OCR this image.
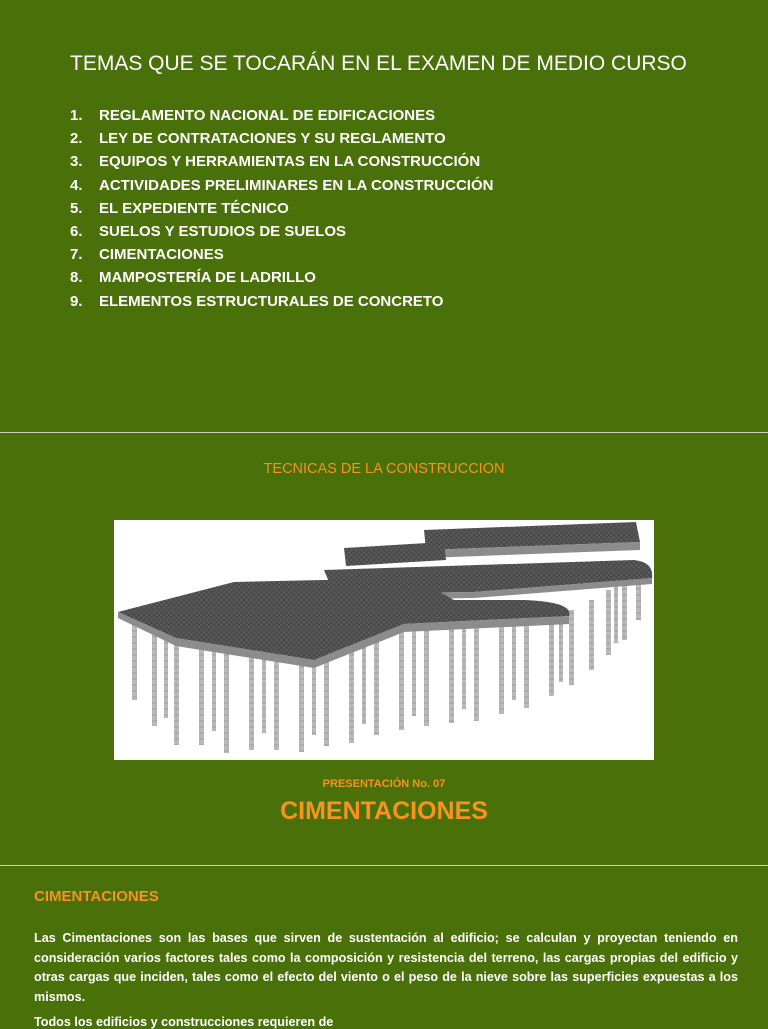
TEMAS QUE SE TOCARÁN EN EL EXAMEN DE MEDIO CURSO
1. REGLAMENTO NACIONAL DE EDIFICACIONES
2. LEY DE CONTRATACIONES Y SU REGLAMENTO
3. EQUIPOS Y HERRAMIENTAS EN LA CONSTRUCCIÓN
4. ACTIVIDADES PRELIMINARES EN LA CONSTRUCCIÓN
5. EL EXPEDIENTE TÉCNICO
6. SUELOS Y ESTUDIOS DE SUELOS
7. CIMENTACIONES
8. MAMPOSTERÍA DE LADRILLO
9. ELEMENTOS ESTRUCTURALES DE CONCRETO
TECNICAS DE LA CONSTRUCCION
PRESENTACIÓN No. 07
CIMENTACIONES
CIMENTACIONES
Las Cimentaciones son las bases que sirven de sustentación al edificio; se calculan y proyectan teniendo en consideración varios factores tales como la composición y resistencia del terreno, las cargas propias del edificio y otras cargas que inciden, tales como el efecto del viento o el peso de la nieve sobre las superficies expuestas a los mismos.
Todos los edificios y construcciones requieren de
